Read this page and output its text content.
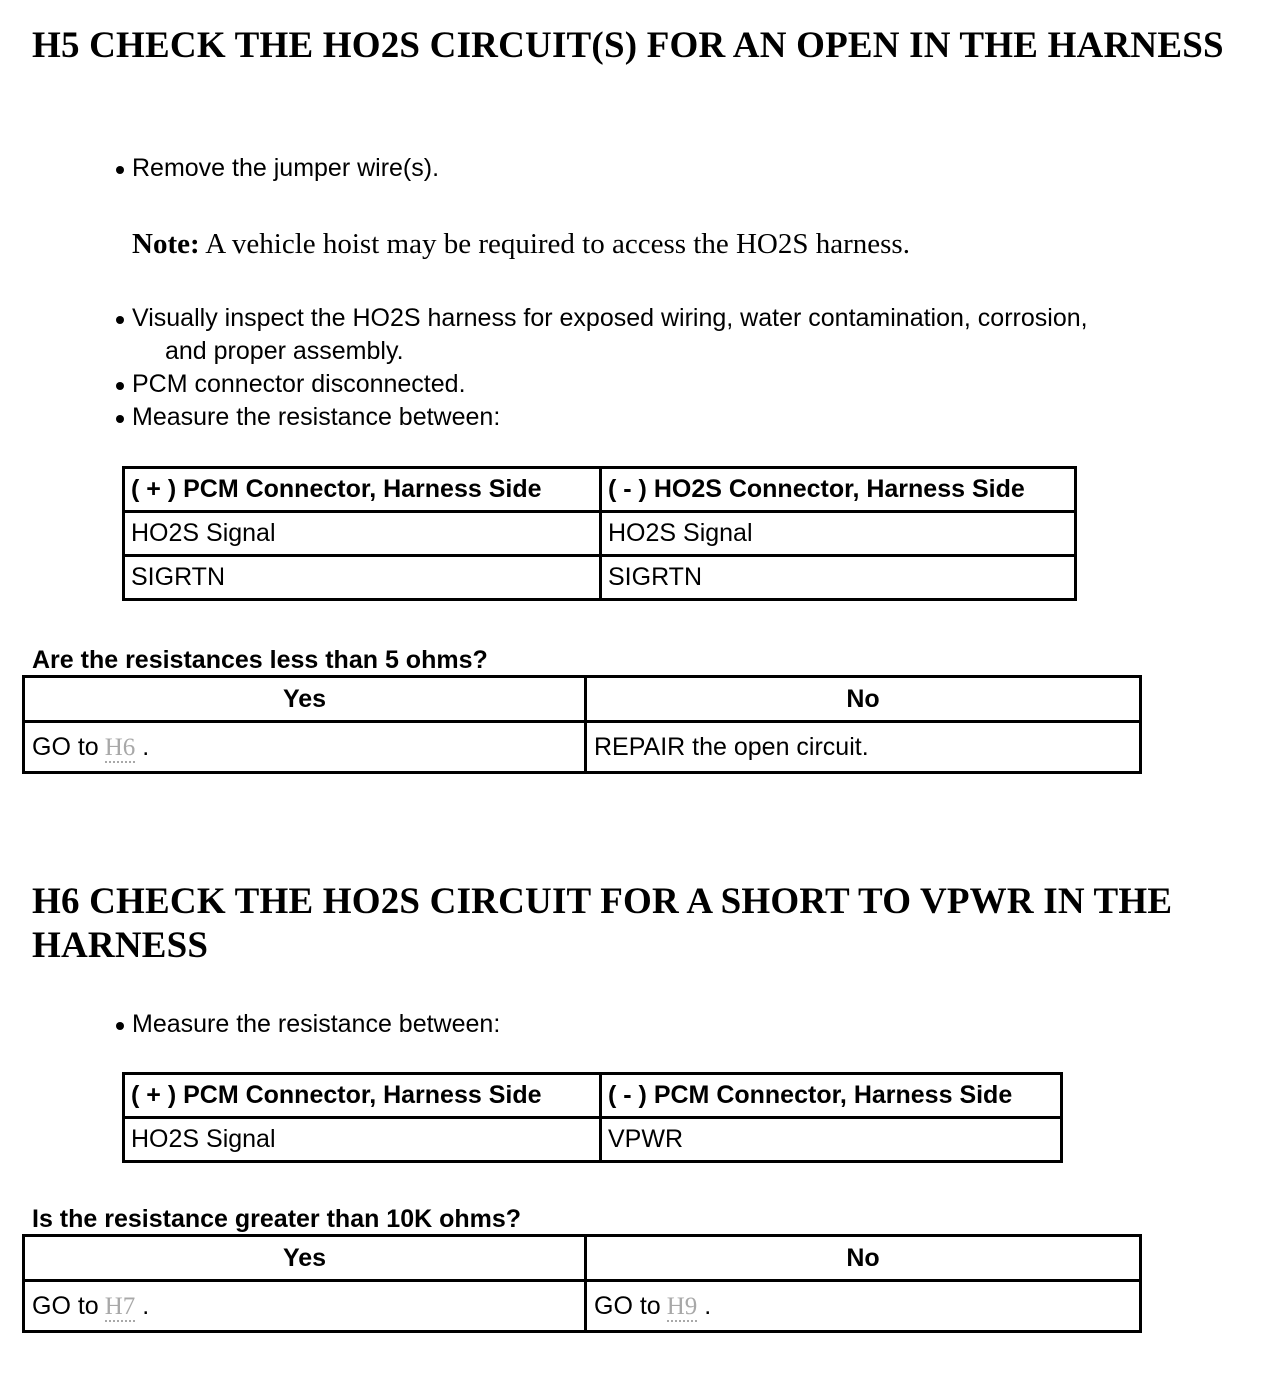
H5 CHECK THE HO2S CIRCUIT(S) FOR AN OPEN IN THE HARNESS
Remove the jumper wire(s).
Note: A vehicle hoist may be required to access the HO2S harness.
Visually inspect the HO2S harness for exposed wiring, water contamination, corrosion,
and proper assembly.
PCM connector disconnected.
Measure the resistance between:
( + ) PCM Connector, Harness Side	( - ) HO2S Connector, Harness Side
HO2S Signal	HO2S Signal
SIGRTN	SIGRTN

Are the resistances less than 5 ohms?

Yes	No
GO to H6 .	REPAIR the open circuit.
H6 CHECK THE HO2S CIRCUIT FOR A SHORT TO VPWR IN THE HARNESS
Measure the resistance between:
( + ) PCM Connector, Harness Side	( - ) PCM Connector, Harness Side
HO2S Signal	VPWR

Is the resistance greater than 10K ohms?

Yes	No
GO to H7 .	GO to H9 .
